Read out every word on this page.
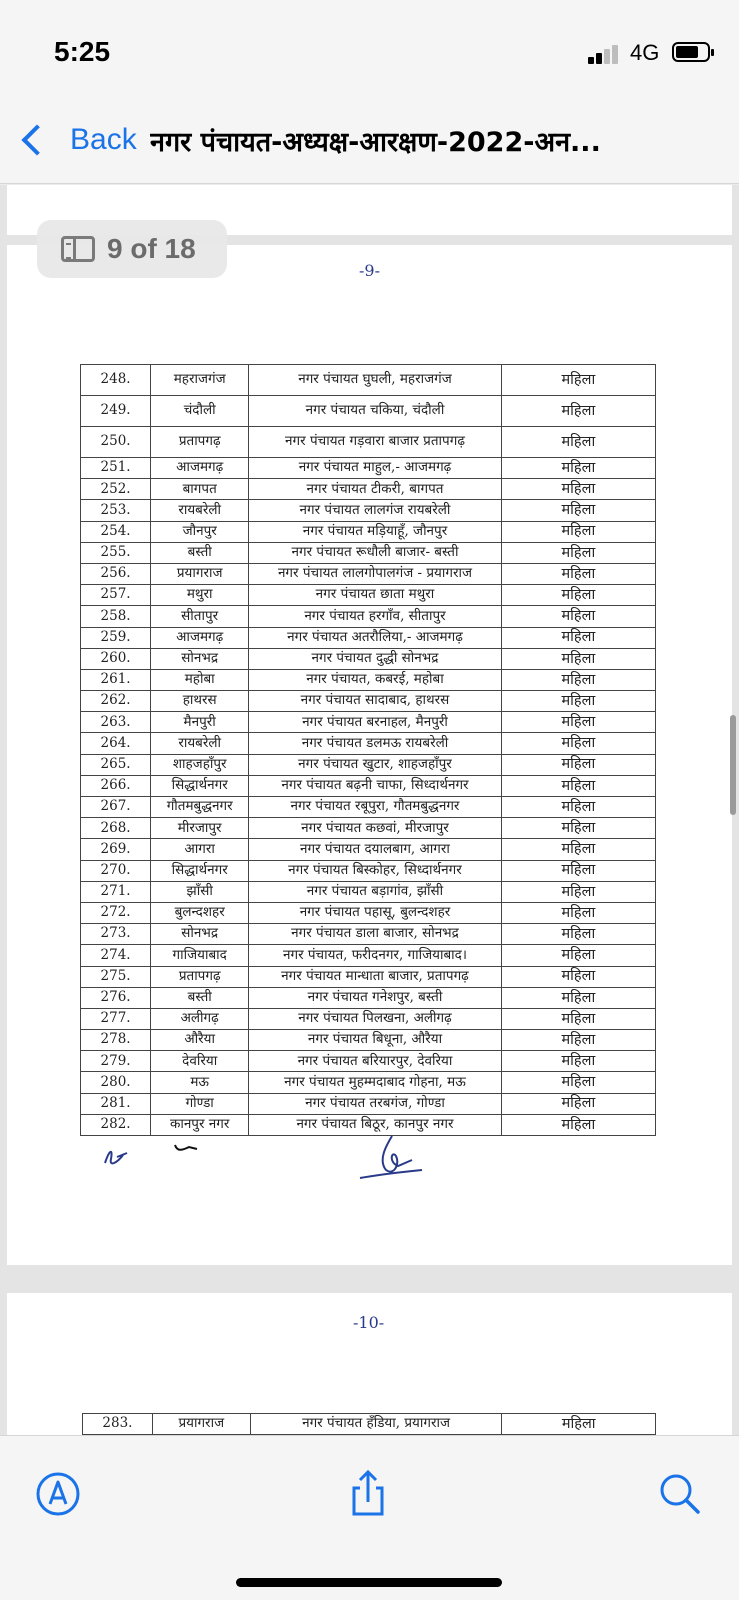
5:25	4G
Back नगर पंचायत-अध्यक्ष-आरक्षण-2022-अन...
-9-
248.	महराजगंज	नगर पंचायत घुघली, महराजगंज	महिला
249.	चंदौली	नगर पंचायत चकिया, चंदौली	महिला
250.	प्रतापगढ़	नगर पंचायत गड़वारा बाजार प्रतापगढ़	महिला
251.	आजमगढ़	नगर पंचायत माहुल,- आजमगढ़	महिला
252.	बागपत	नगर पंचायत टीकरी, बागपत	महिला
253.	रायबरेली	नगर पंचायत लालगंज रायबरेली	महिला
254.	जौनपुर	नगर पंचायत मड़ियाहूँ, जौनपुर	महिला
255.	बस्ती	नगर पंचायत रूधौली बाजार- बस्ती	महिला
256.	प्रयागराज	नगर पंचायत लालगोपालगंज - प्रयागराज	महिला
257.	मथुरा	नगर पंचायत छाता मथुरा	महिला
258.	सीतापुर	नगर पंचायत हरगाँव, सीतापुर	महिला
259.	आजमगढ़	नगर पंचायत अतरौलिया,- आजमगढ़	महिला
260.	सोनभद्र	नगर पंचायत दुद्धी सोनभद्र	महिला
261.	महोबा	नगर पंचायत, कबरई, महोबा	महिला
262.	हाथरस	नगर पंचायत सादाबाद, हाथरस	महिला
263.	मैनपुरी	नगर पंचायत बरनाहल, मैनपुरी	महिला
264.	रायबरेली	नगर पंचायत डलमऊ रायबरेली	महिला
265.	शाहजहाँपुर	नगर पंचायत खुटार, शाहजहाँपुर	महिला
266.	सिद्धार्थनगर	नगर पंचायत बढ़नी चाफा, सिध्दार्थनगर	महिला
267.	गौतमबुद्धनगर	नगर पंचायत रबूपुरा, गौतमबुद्धनगर	महिला
268.	मीरजापुर	नगर पंचायत कछवां, मीरजापुर	महिला
269.	आगरा	नगर पंचायत दयालबाग, आगरा	महिला
270.	सिद्धार्थनगर	नगर पंचायत बिस्कोहर, सिध्दार्थनगर	महिला
271.	झाँसी	नगर पंचायत बड़ागांव, झाँसी	महिला
272.	बुलन्दशहर	नगर पंचायत पहासू, बुलन्दशहर	महिला
273.	सोनभद्र	नगर पंचायत डाला बाजार, सोनभद्र	महिला
274.	गाजियाबाद	नगर पंचायत, फरीदनगर, गाजियाबाद।	महिला
275.	प्रतापगढ़	नगर पंचायत मान्धाता बाजार, प्रतापगढ़	महिला
276.	बस्ती	नगर पंचायत गनेशपुर, बस्ती	महिला
277.	अलीगढ़	नगर पंचायत पिलखना, अलीगढ़	महिला
278.	औरैया	नगर पंचायत बिधूना, औरैया	महिला
279.	देवरिया	नगर पंचायत बरियारपुर, देवरिया	महिला
280.	मऊ	नगर पंचायत मुहम्मदाबाद गोहना, मऊ	महिला
281.	गोण्डा	नगर पंचायत तरबगंज, गोण्डा	महिला
282.	कानपुर नगर	नगर पंचायत बिठूर, कानपुर नगर	महिला
-10-
283.	प्रयागराज	नगर पंचायत हँडिया, प्रयागराज	महिला
9 of 18
